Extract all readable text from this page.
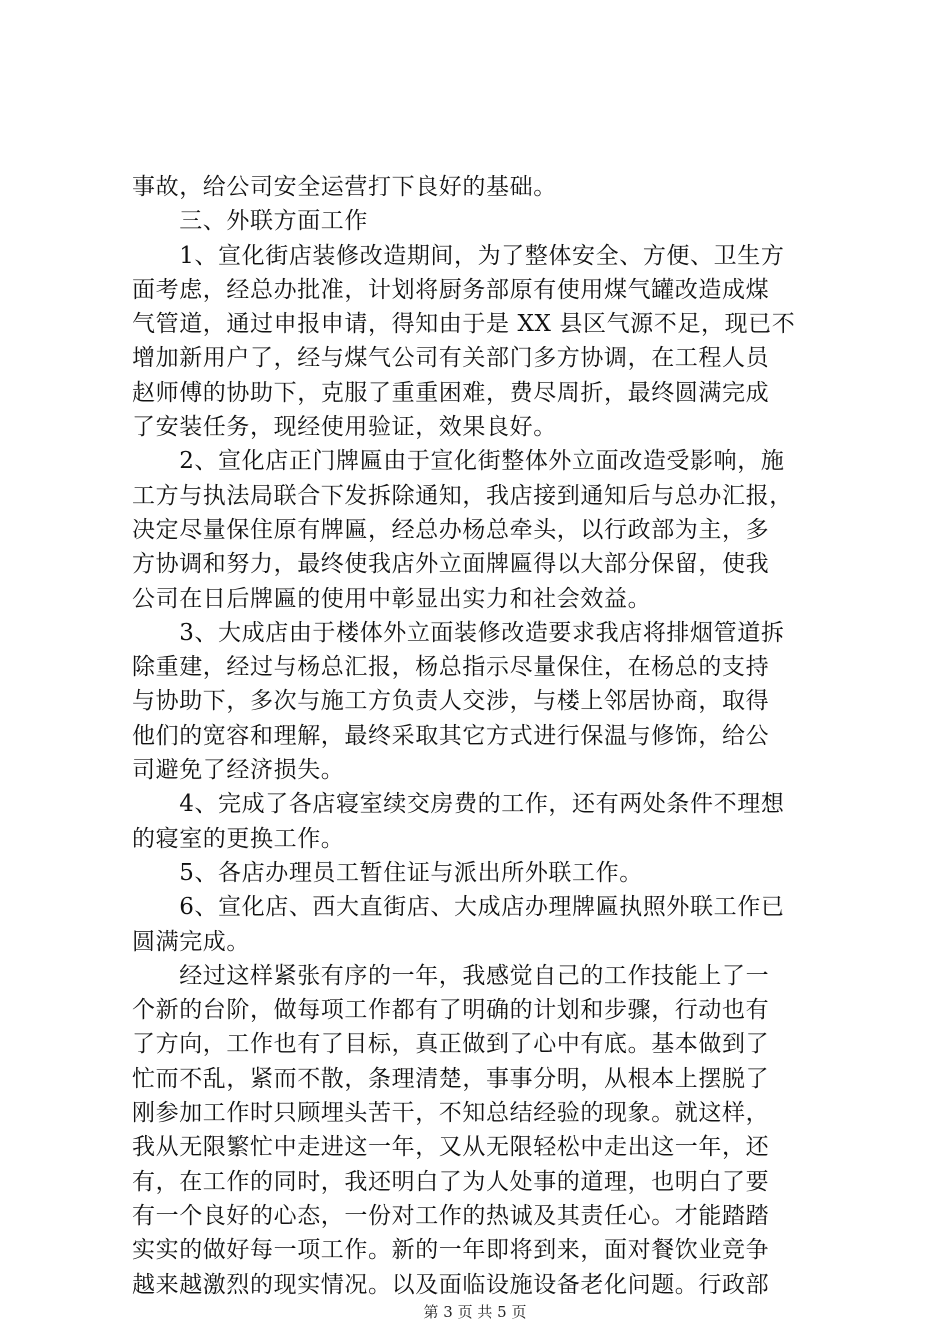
事故，给公司安全运营打下良好的基础。
　　三、外联方面工作
　　1、宣化街店装修改造期间，为了整体安全、方便、卫生方
面考虑，经总办批准，计划将厨务部原有使用煤气罐改造成煤
气管道，通过申报申请，得知由于是 XX 县区气源不足，现已不
增加新用户了，经与煤气公司有关部门多方协调，在工程人员
赵师傅的协助下，克服了重重困难，费尽周折，最终圆满完成
了安装任务，现经使用验证，效果良好。
　　2、宣化店正门牌匾由于宣化街整体外立面改造受影响，施
工方与执法局联合下发拆除通知，我店接到通知后与总办汇报，
决定尽量保住原有牌匾，经总办杨总牵头，以行政部为主，多
方协调和努力，最终使我店外立面牌匾得以大部分保留，使我
公司在日后牌匾的使用中彰显出实力和社会效益。
　　3、大成店由于楼体外立面装修改造要求我店将排烟管道拆
除重建，经过与杨总汇报，杨总指示尽量保住，在杨总的支持
与协助下，多次与施工方负责人交涉，与楼上邻居协商，取得
他们的宽容和理解，最终采取其它方式进行保温与修饰，给公
司避免了经济损失。
　　4、完成了各店寝室续交房费的工作，还有两处条件不理想
的寝室的更换工作。
　　5、各店办理员工暂住证与派出所外联工作。
　　6、宣化店、西大直街店、大成店办理牌匾执照外联工作已
圆满完成。
　　经过这样紧张有序的一年，我感觉自己的工作技能上了一
个新的台阶，做每项工作都有了明确的计划和步骤，行动也有
了方向，工作也有了目标，真正做到了心中有底。基本做到了
忙而不乱，紧而不散，条理清楚，事事分明，从根本上摆脱了
刚参加工作时只顾埋头苦干，不知总结经验的现象。就这样，
我从无限繁忙中走进这一年，又从无限轻松中走出这一年，还
有，在工作的同时，我还明白了为人处事的道理，也明白了要
有一个良好的心态，一份对工作的热诚及其责任心。才能踏踏
实实的做好每一项工作。新的一年即将到来，面对餐饮业竞争
越来越激烈的现实情况。以及面临设施设备老化问题。行政部
第 3 页 共 5 页
